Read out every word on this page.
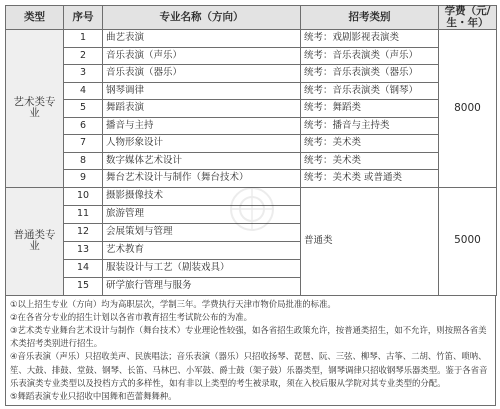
类型	序号	专业名称（方向）	招考类别	学费（元/生・年）
艺术类专业	1	曲艺表演	统考：戏剧影视表演类	8000
	2	音乐表演（声乐）	统考：音乐表演类（声乐）	
	3	音乐表演（器乐）	统考：音乐表演类（器乐）	
	4	钢琴调律	统考：音乐表演类（钢琴）	
	5	舞蹈表演	统考：舞蹈类	
	6	播音与主持	统考：播音与主持类	
	7	人物形象设计	统考：美术类	
	8	数字媒体艺术设计	统考：美术类	
	9	舞台艺术设计与制作（舞台技术）	统考：美术类 或普通类	
普通类专业	10	摄影摄像技术	普通类	5000
	11	旅游管理		
	12	会展策划与管理		
	13	艺术教育		
	14	服装设计与工艺（剧装戏具）		
	15	研学旅行管理与服务		
①以上招生专业（方向）均为高职层次，学制三年。学费执行天津市物价局批准的标准。
②在各省分专业的招生计划以各省市教育招生考试院公布的为准。
③艺术类专业舞台艺术设计与制作（舞台技术）专业理论性较强，如各省招生政策允许，按普通类招生，如不允许，则按照各省美术类招考类别进行招生。
④音乐表演（声乐）只招收美声、民族唱法；音乐表演（器乐）只招收扬琴、琵琶、阮、三弦、柳琴、古筝、二胡、竹笛、唢呐、笙、大鼓、排鼓、堂鼓、钢琴、长笛、马林巴、小军鼓、爵士鼓（架子鼓）乐器类型，钢琴调律只招收钢琴乐器类型。鉴于各省音乐表演类专业类型以及投档方式的多样性，如有非以上类型的考生被录取，须在入校后服从学院对其专业类型的分配。
⑤舞蹈表演专业只招收中国舞和芭蕾舞舞种。
